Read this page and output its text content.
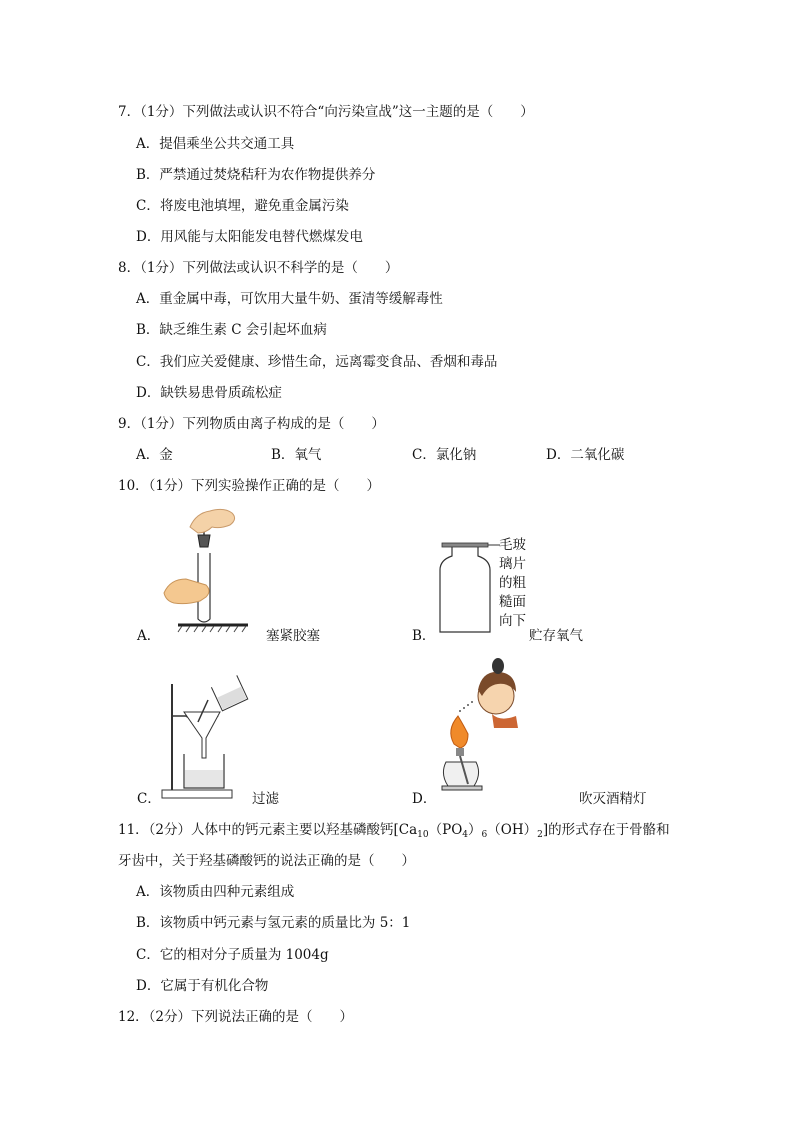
7．（1分）下列做法或认识不符合“向污染宣战”这一主题的是（　　）
A．提倡乘坐公共交通工具
B．严禁通过焚烧秸秆为农作物提供养分
C．将废电池填埋，避免重金属污染
D．用风能与太阳能发电替代燃煤发电
8．（1分）下列做法或认识不科学的是（　　）
A．重金属中毒，可饮用大量牛奶、蛋清等缓解毒性
B．缺乏维生素 C 会引起坏血病
C．我们应关爱健康、珍惜生命，远离霉变食品、香烟和毒品
D．缺铁易患骨质疏松症
9．（1分）下列物质由离子构成的是（　　）
A．金	B．氧气	C．氯化钠	D．二氧化碳
10．（1分）下列实验操作正确的是（　　）
A．	塞紧胶塞	B．	贮存氧气
C．	过滤	D．	吹灭酒精灯
11．（2分）人体中的钙元素主要以羟基磷酸钙$[Ca_{10}(PO_4)_6(OH)_2]$的形式存在于骨骼和
牙齿中，关于羟基磷酸钙的说法正确的是（　　）
A．该物质由四种元素组成
B．该物质中钙元素与氢元素的质量比为 5：1
C．它的相对分子质量为 1004g
D．它属于有机化合物
12．（2分）下列说法正确的是（　　）
毛玻
璃片
的粗
糙面
向下
